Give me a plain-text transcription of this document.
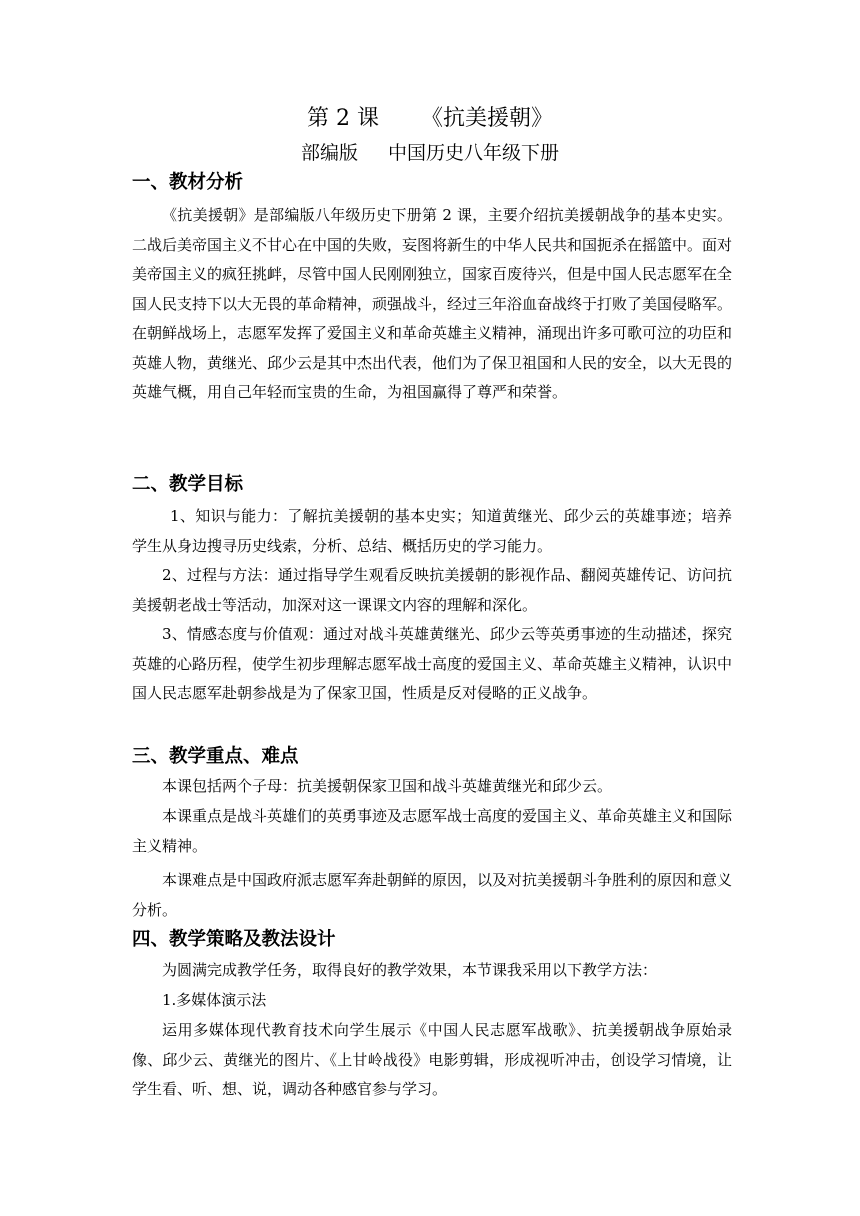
第 2 课 《抗美援朝》
部编版 中国历史八年级下册
一、教材分析

《抗美援朝》是部编版八年级历史下册第 2 课，主要介绍抗美援朝战争的基本史实。二战后美帝国主义不甘心在中国的失败，妄图将新生的中华人民共和国扼杀在摇篮中。面对美帝国主义的疯狂挑衅，尽管中国人民刚刚独立，国家百废待兴，但是中国人民志愿军在全国人民支持下以大无畏的革命精神，顽强战斗，经过三年浴血奋战终于打败了美国侵略军。在朝鲜战场上，志愿军发挥了爱国主义和革命英雄主义精神，涌现出许多可歌可泣的功臣和英雄人物，黄继光、邱少云是其中杰出代表，他们为了保卫祖国和人民的安全，以大无畏的英雄气概，用自己年轻而宝贵的生命，为祖国赢得了尊严和荣誉。

二、教学目标

1、知识与能力：了解抗美援朝的基本史实；知道黄继光、邱少云的英雄事迹；培养学生从身边搜寻历史线索，分析、总结、概括历史的学习能力。

2、过程与方法：通过指导学生观看反映抗美援朝的影视作品、翻阅英雄传记、访问抗美援朝老战士等活动，加深对这一课课文内容的理解和深化。

3、情感态度与价值观：通过对战斗英雄黄继光、邱少云等英勇事迹的生动描述，探究英雄的心路历程，使学生初步理解志愿军战士高度的爱国主义、革命英雄主义精神，认识中国人民志愿军赴朝参战是为了保家卫国，性质是反对侵略的正义战争。

三、教学重点、难点

本课包括两个子母：抗美援朝保家卫国和战斗英雄黄继光和邱少云。

本课重点是战斗英雄们的英勇事迹及志愿军战士高度的爱国主义、革命英雄主义和国际主义精神。

本课难点是中国政府派志愿军奔赴朝鲜的原因，以及对抗美援朝斗争胜利的原因和意义分析。

四、教学策略及教法设计

为圆满完成教学任务，取得良好的教学效果，本节课我采用以下教学方法：

1.多媒体演示法

运用多媒体现代教育技术向学生展示《中国人民志愿军战歌》、抗美援朝战争原始录像、邱少云、黄继光的图片、《上甘岭战役》电影剪辑，形成视听冲击，创设学习情境，让学生看、听、想、说，调动各种感官参与学习。
